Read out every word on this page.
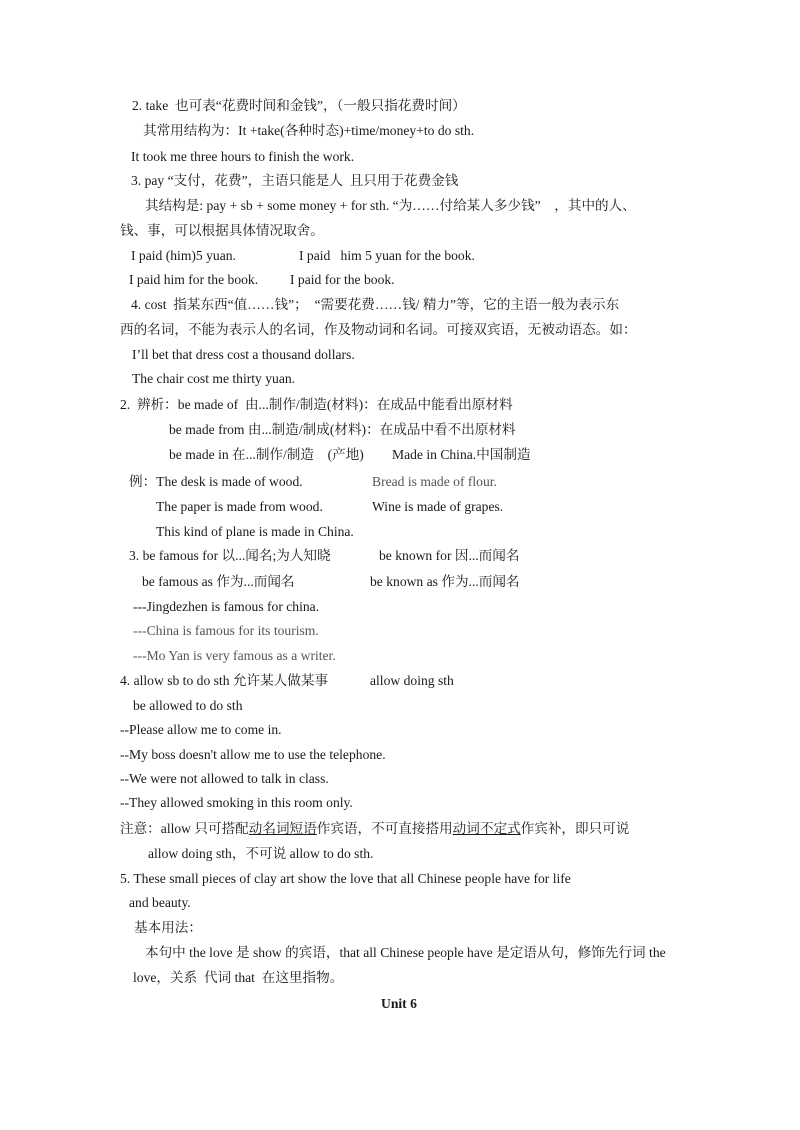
2. take  也可表“花费时间和金钱”，（一般只指花费时间）
其常用结构为：It +take(各种时态)+time/money+to do sth.
It took me three hours to finish the work.
3. pay “支付，花费”，主语只能是人  且只用于花费金钱
其结构是: pay + sb + some money + for sth. “为……付给某人多少钱”    ，其中的人、
钱、事，可以根据具体情况取舍。
I paid (him)5 yuan.	I paid   him 5 yuan for the book.
I paid him for the book. I paid for the book.
4. cost  指某东西“值……钱”；  “需要花费……钱/ 精力”等，它的主语一般为表示东
西的名词，不能为表示人的名词，作及物动词和名词。可接双宾语，无被动语态。如：
I’ll bet that dress cost a thousand dollars.
The chair cost me thirty yuan.
2.  辨析：be made of  由...制作/制造(材料)：在成品中能看出原材料
be made from 由...制造/制成(材料)：在成品中看不出原材料
be made in 在...制作/制造    (产地) Made in China.中国制造
例：The desk is made of wood.	Bread is made of flour.
The paper is made from wood.	Wine is made of grapes.
This kind of plane is made in China.
3. be famous for 以...闻名;为人知晓	be known for 因...而闻名
be famous as 作为...而闻名	be known as 作为...而闻名
---Jingdezhen is famous for china.
---China is famous for its tourism.
---Mo Yan is very famous as a writer.
4. allow sb to do sth 允许某人做某事	allow doing sth
be allowed to do sth
--Please allow me to come in.
--My boss doesn't allow me to use the telephone.
--We were not allowed to talk in class.
--They allowed smoking in this room only.
注意：allow 只可搭配动名词短语作宾语，不可直接搭用动词不定式作宾补，即只可说
allow doing sth，不可说 allow to do sth.
5. These small pieces of clay art show the love that all Chinese people have for life
and beauty.
基本用法：
本句中 the love 是 show 的宾语，that all Chinese people have 是定语从句，修饰先行词 the
love，关系  代词 that  在这里指物。
Unit 6
